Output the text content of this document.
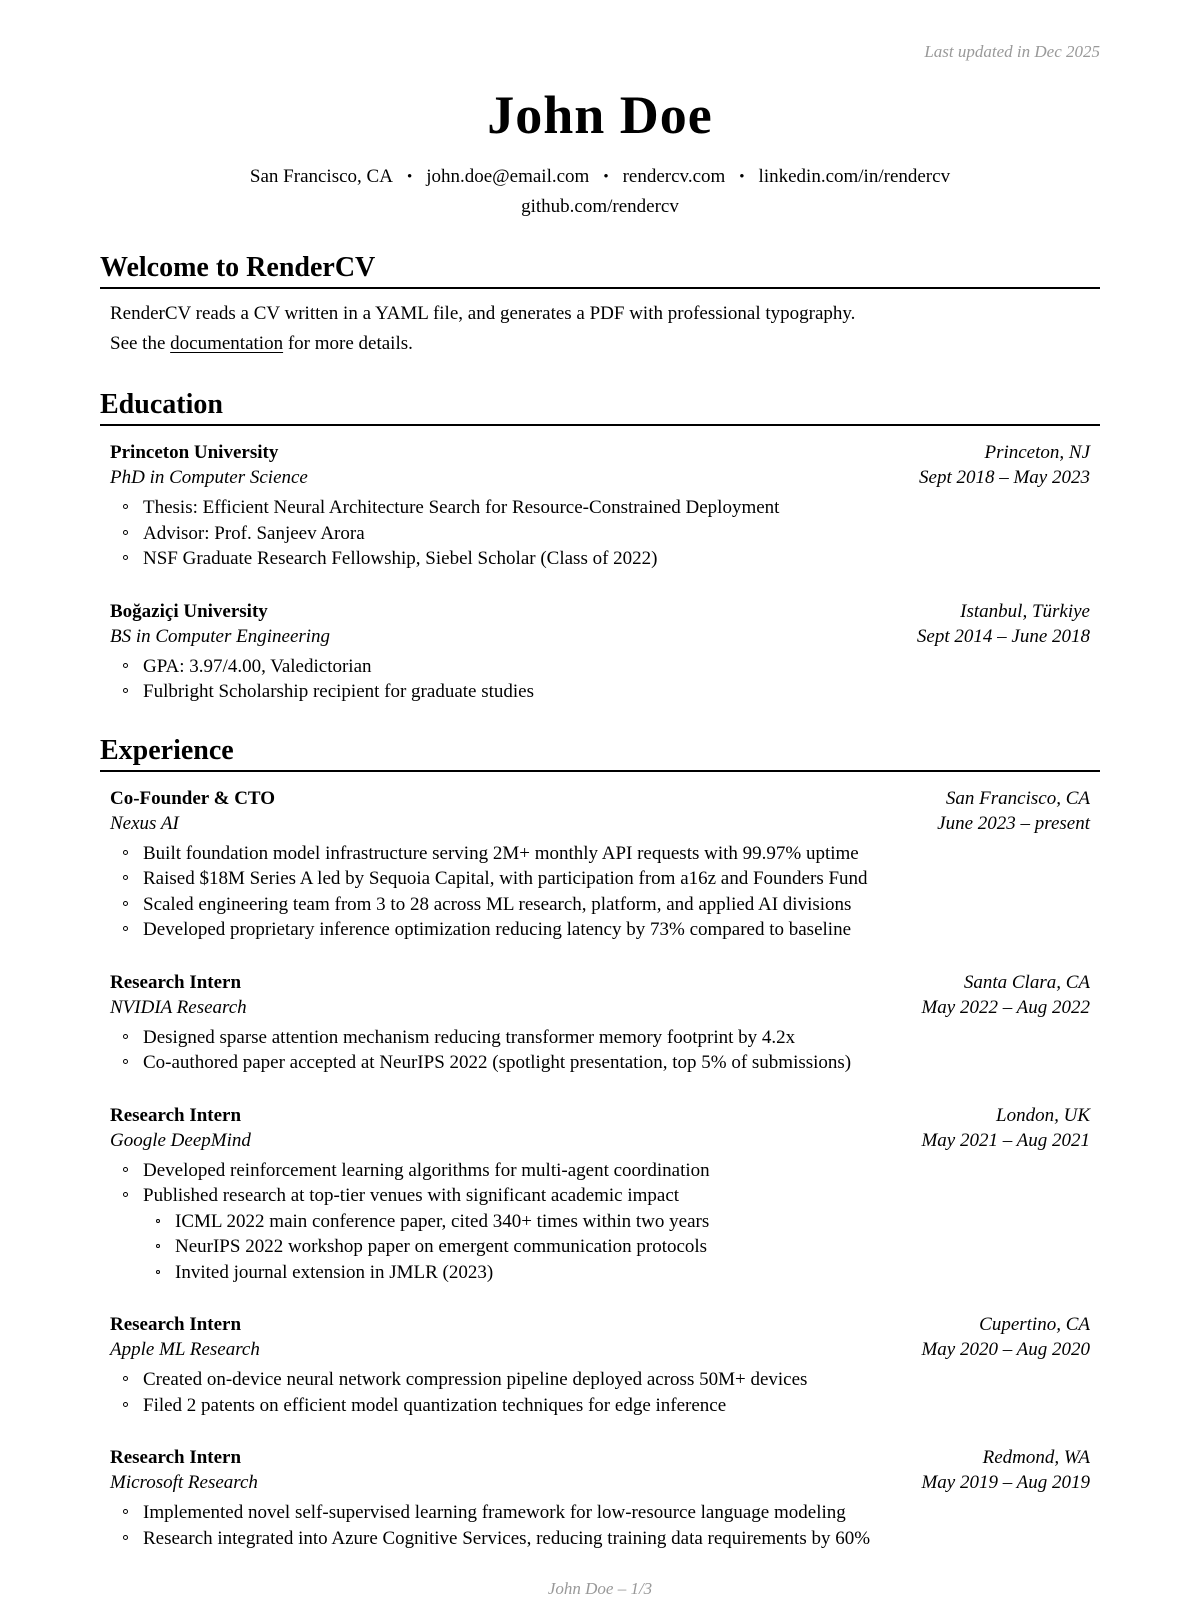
Last updated in Dec 2025
John Doe
San Francisco, CA • john.doe@email.com • rendercv.com • linkedin.com/in/rendercv
github.com/rendercv
Welcome to RenderCV

RenderCV reads a CV written in a YAML file, and generates a PDF with professional typography.

See the documentation for more details.

Education
Princeton University	Princeton, NJ
PhD in Computer Science	Sept 2018 – May 2023
Thesis: Efficient Neural Architecture Search for Resource-Constrained Deployment
Advisor: Prof. Sanjeev Arora
NSF Graduate Research Fellowship, Siebel Scholar (Class of 2022)
Boğaziçi University	Istanbul, Türkiye
BS in Computer Engineering	Sept 2014 – June 2018
GPA: 3.97/4.00, Valedictorian
Fulbright Scholarship recipient for graduate studies
Experience
Co-Founder & CTO	San Francisco, CA
Nexus AI	June 2023 – present
Built foundation model infrastructure serving 2M+ monthly API requests with 99.97% uptime
Raised $18M Series A led by Sequoia Capital, with participation from a16z and Founders Fund
Scaled engineering team from 3 to 28 across ML research, platform, and applied AI divisions
Developed proprietary inference optimization reducing latency by 73% compared to baseline
Research Intern	Santa Clara, CA
NVIDIA Research	May 2022 – Aug 2022
Designed sparse attention mechanism reducing transformer memory footprint by 4.2x
Co-authored paper accepted at NeurIPS 2022 (spotlight presentation, top 5% of submissions)
Research Intern	London, UK
Google DeepMind	May 2021 – Aug 2021
Developed reinforcement learning algorithms for multi-agent coordination
Published research at top-tier venues with significant academic impact
ICML 2022 main conference paper, cited 340+ times within two years
NeurIPS 2022 workshop paper on emergent communication protocols
Invited journal extension in JMLR (2023)
Research Intern	Cupertino, CA
Apple ML Research	May 2020 – Aug 2020
Created on-device neural network compression pipeline deployed across 50M+ devices
Filed 2 patents on efficient model quantization techniques for edge inference
Research Intern	Redmond, WA
Microsoft Research	May 2019 – Aug 2019
Implemented novel self-supervised learning framework for low-resource language modeling
Research integrated into Azure Cognitive Services, reducing training data requirements by 60%
John Doe – 1/3
